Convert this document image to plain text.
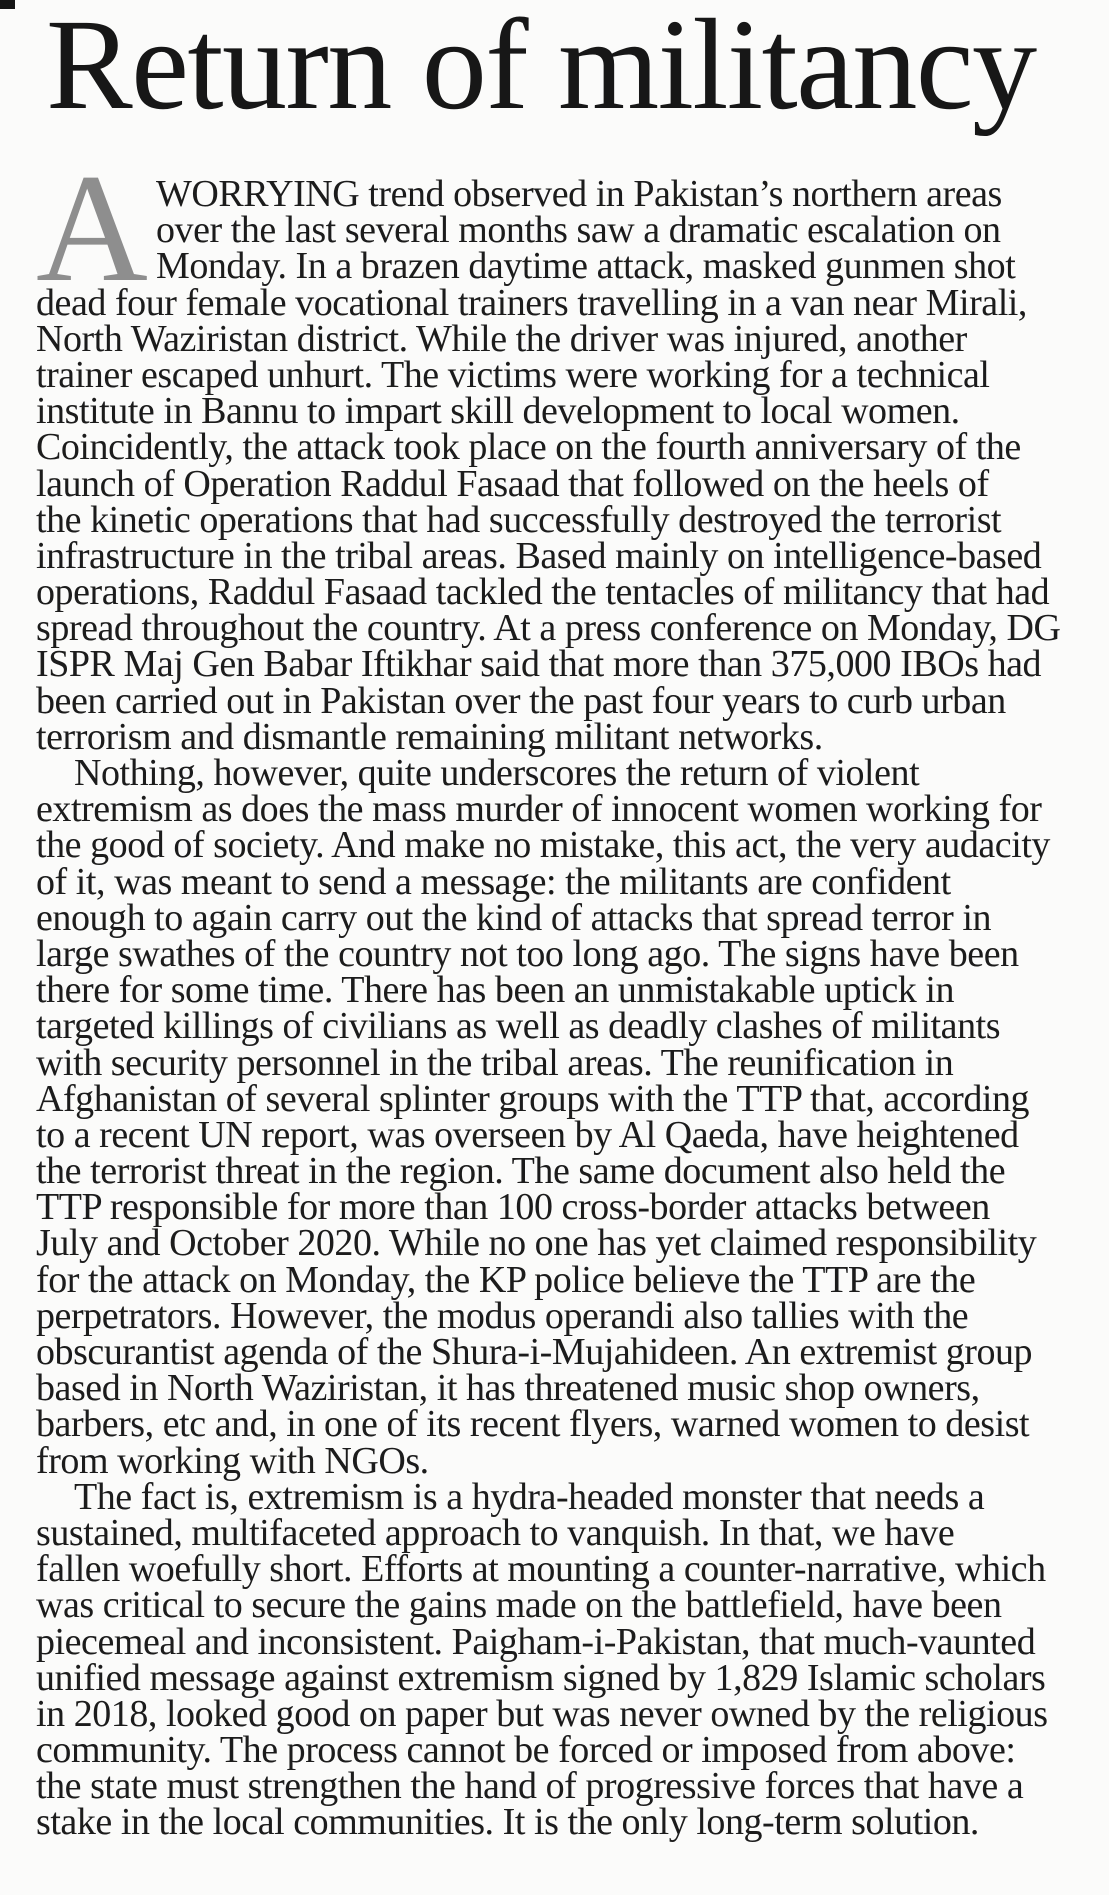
Return of militancy
A WORRYING trend observed in Pakistan’s northern areas
over the last several months saw a dramatic escalation on
Monday. In a brazen daytime attack, masked gunmen shot
dead four female vocational trainers travelling in a van near Mirali,
North Waziristan district. While the driver was injured, another
trainer escaped unhurt. The victims were working for a technical
institute in Bannu to impart skill development to local women.
Coincidently, the attack took place on the fourth anniversary of the
launch of Operation Raddul Fasaad that followed on the heels of
the kinetic operations that had successfully destroyed the terrorist
infrastructure in the tribal areas. Based mainly on intelligence-based
operations, Raddul Fasaad tackled the tentacles of militancy that had
spread throughout the country. At a press conference on Monday, DG
ISPR Maj Gen Babar Iftikhar said that more than 375,000 IBOs had
been carried out in Pakistan over the past four years to curb urban
terrorism and dismantle remaining militant networks.
Nothing, however, quite underscores the return of violent
extremism as does the mass murder of innocent women working for
the good of society. And make no mistake, this act, the very audacity
of it, was meant to send a message: the militants are confident
enough to again carry out the kind of attacks that spread terror in
large swathes of the country not too long ago. The signs have been
there for some time. There has been an unmistakable uptick in
targeted killings of civilians as well as deadly clashes of militants
with security personnel in the tribal areas. The reunification in
Afghanistan of several splinter groups with the TTP that, according
to a recent UN report, was overseen by Al Qaeda, have heightened
the terrorist threat in the region. The same document also held the
TTP responsible for more than 100 cross-border attacks between
July and October 2020. While no one has yet claimed responsibility
for the attack on Monday, the KP police believe the TTP are the
perpetrators. However, the modus operandi also tallies with the
obscurantist agenda of the Shura-i-Mujahideen. An extremist group
based in North Waziristan, it has threatened music shop owners,
barbers, etc and, in one of its recent flyers, warned women to desist
from working with NGOs.
The fact is, extremism is a hydra-headed monster that needs a
sustained, multifaceted approach to vanquish. In that, we have
fallen woefully short. Efforts at mounting a counter-narrative, which
was critical to secure the gains made on the battlefield, have been
piecemeal and inconsistent. Paigham-i-Pakistan, that much-vaunted
unified message against extremism signed by 1,829 Islamic scholars
in 2018, looked good on paper but was never owned by the religious
community. The process cannot be forced or imposed from above:
the state must strengthen the hand of progressive forces that have a
stake in the local communities. It is the only long-term solution.
